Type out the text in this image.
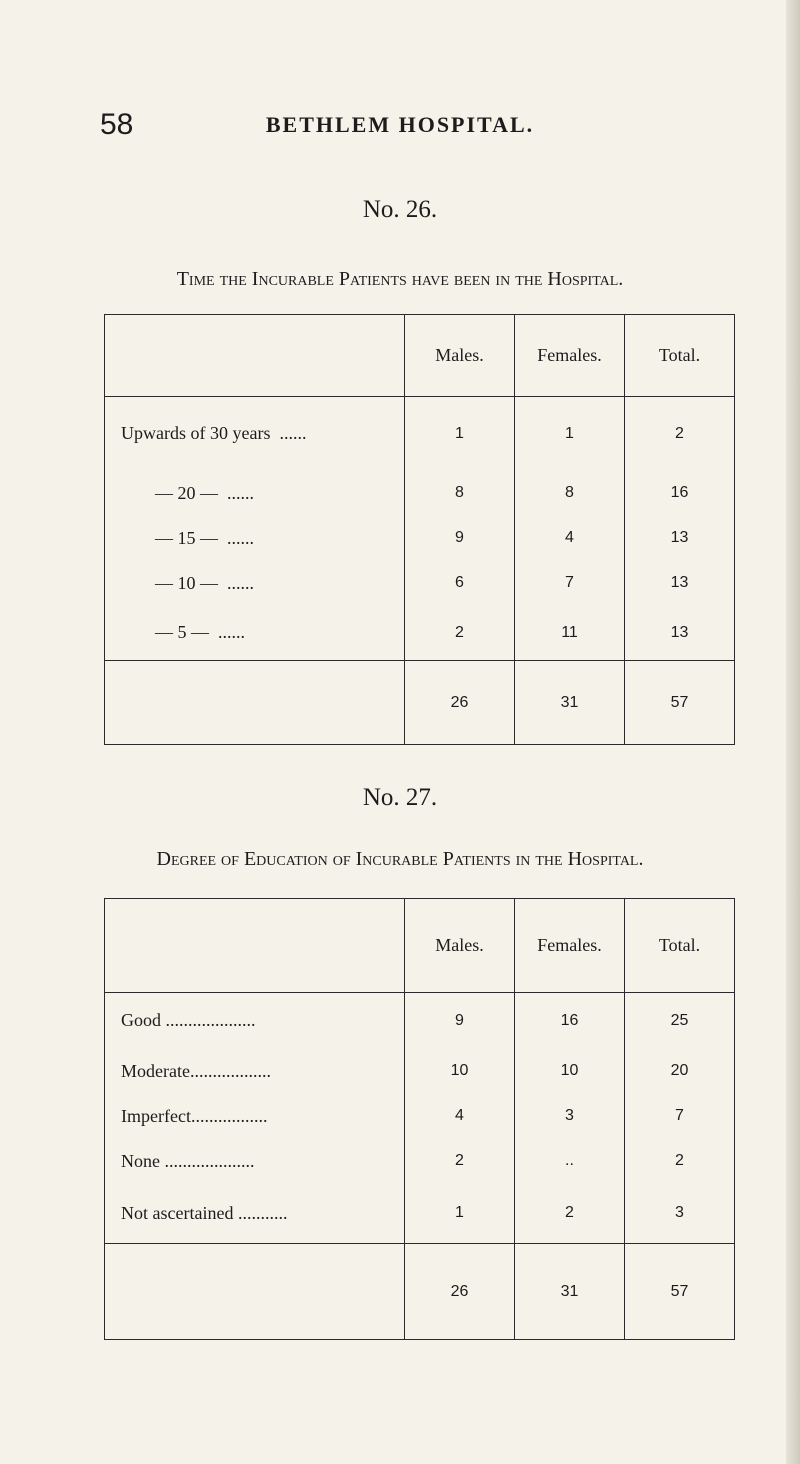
58	BETHLEM HOSPITAL.
No. 26.
Time the Incurable Patients have been in the Hospital.
	Males.	Females.	Total.
Upwards of 30 years  ......	1	1	2
— 20 —  ......	8	8	16
— 15 —  ......	9	4	13
— 10 —  ......	6	7	13
— 5 —  ......	2	11	13
	26	31	57
No. 27.
Degree of Education of Incurable Patients in the Hospital.
	Males.	Females.	Total.
Good ....................	9	16	25
Moderate..................	10	10	20
Imperfect.................	4	3	7
None ....................	2	..	2
Not ascertained ...........	1	2	3
	26	31	57
